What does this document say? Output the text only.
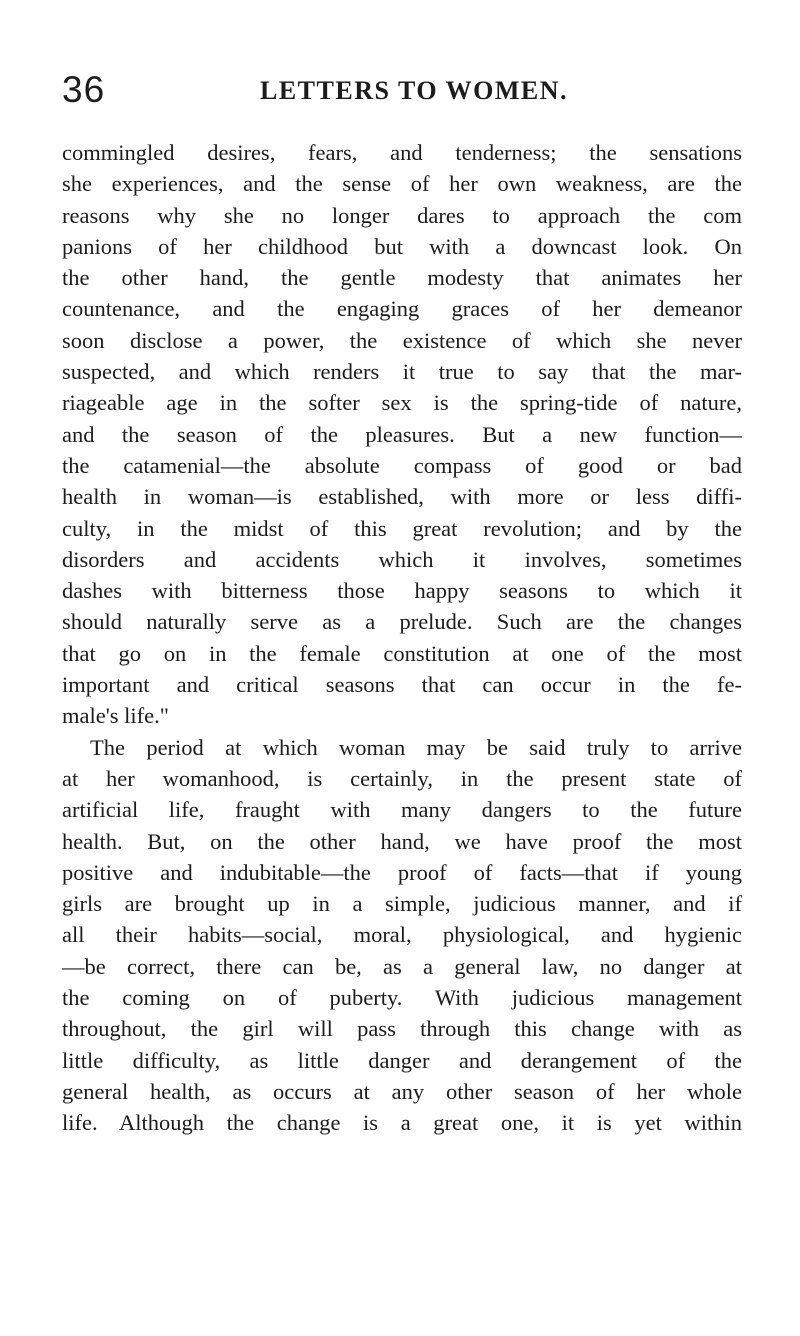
36	LETTERS TO WOMEN.
commingled desires, fears, and tenderness; the sensations
she experiences, and the sense of her own weakness, are the
reasons why she no longer dares to approach the com
panions of her childhood but with a downcast look. On
the other hand, the gentle modesty that animates her
countenance, and the engaging graces of her demeanor
soon disclose a power, the existence of which she never
suspected, and which renders it true to say that the mar-
riageable age in the softer sex is the spring-tide of nature,
and the season of the pleasures. But a new function—
the catamenial—the absolute compass of good or bad
health in woman—is established, with more or less diffi-
culty, in the midst of this great revolution; and by the
disorders and accidents which it involves, sometimes
dashes with bitterness those happy seasons to which it
should naturally serve as a prelude. Such are the changes
that go on in the female constitution at one of the most
important and critical seasons that can occur in the fe-
male's life."
The period at which woman may be said truly to arrive
at her womanhood, is certainly, in the present state of
artificial life, fraught with many dangers to the future
health. But, on the other hand, we have proof the most
positive and indubitable—the proof of facts—that if young
girls are brought up in a simple, judicious manner, and if
all their habits—social, moral, physiological, and hygienic
—be correct, there can be, as a general law, no danger at
the coming on of puberty. With judicious management
throughout, the girl will pass through this change with as
little difficulty, as little danger and derangement of the
general health, as occurs at any other season of her whole
life. Although the change is a great one, it is yet within
